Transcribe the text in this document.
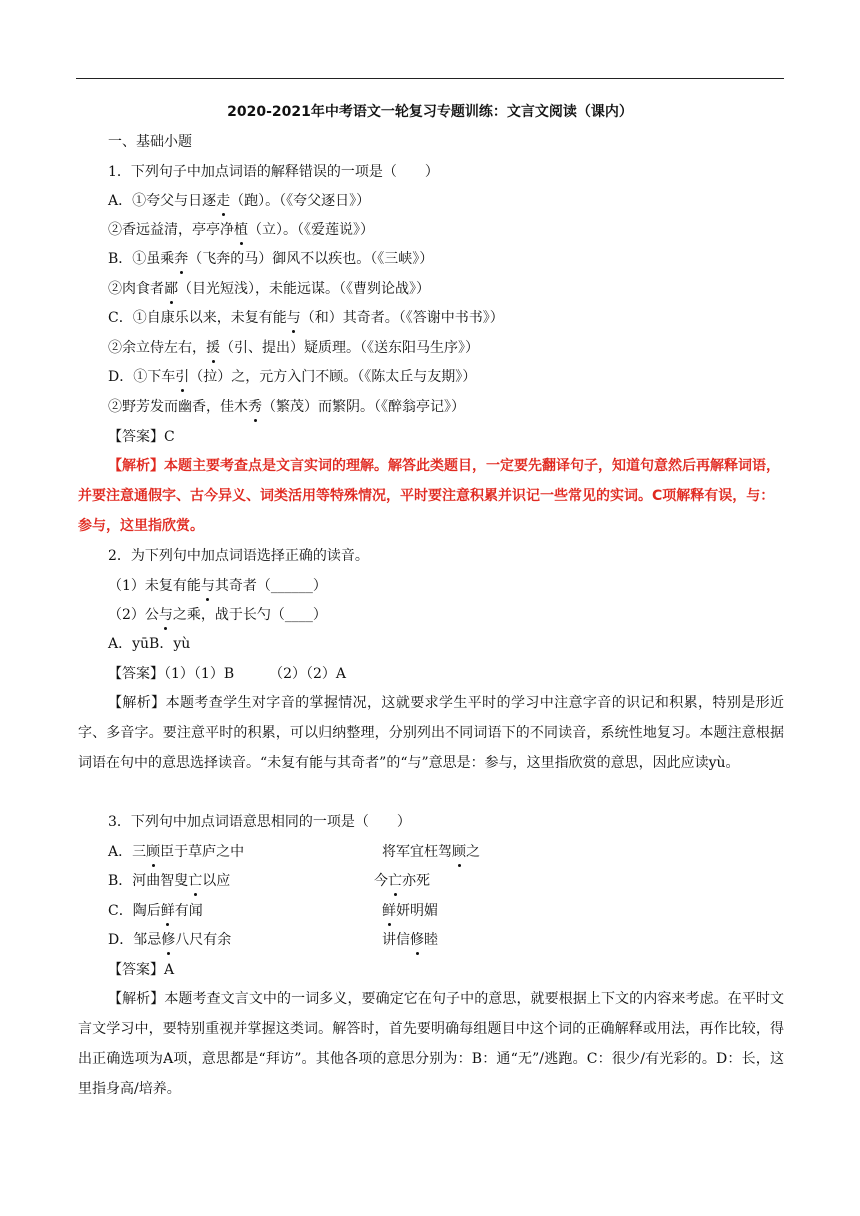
2020-2021年中考语文一轮复习专题训练：文言文阅读（课内）
一、基础小题
1．下列句子中加点词语的解释错误的一项是（　　）
A．①夸父与日逐走（跑）。（《夸父逐日》）
②香远益清，亭亭净植（立）。（《爱莲说》）
B．①虽乘奔（飞奔的马）御风不以疾也。（《三峡》）
②肉食者鄙（目光短浅），未能远谋。（《曹刿论战》）
C．①自康乐以来，未复有能与（和）其奇者。（《答谢中书书》）
②余立侍左右，援（引、提出）疑质理。（《送东阳马生序》）
D．①下车引（拉）之，元方入门不顾。（《陈太丘与友期》）
②野芳发而幽香，佳木秀（繁茂）而繁阴。（《醉翁亭记》）
【答案】C
【解析】本题主要考查点是文言实词的理解。解答此类题目，一定要先翻译句子，知道句意然后再解释词语，并要注意通假字、古今异义、词类活用等特殊情况，平时要注意积累并识记一些常见的实词。C项解释有误，与：参与，这里指欣赏。
2．为下列句中加点词语选择正确的读音。
（1）未复有能与其奇者（______）
（2）公与之乘，战于长勺（____）
A．yūB．yù
【答案】（1）（1）B　　　（2）（2）A
【解析】本题考查学生对字音的掌握情况，这就要求学生平时的学习中注意字音的识记和积累，特别是形近字、多音字。要注意平时的积累，可以归纳整理，分别列出不同词语下的不同读音，系统性地复习。本题注意根据词语在句中的意思选择读音。“未复有能与其奇者”的“与”意思是：参与，这里指欣赏的意思，因此应读yù。
3．下列句中加点词语意思相同的一项是（　　）
A．三顾臣于草庐之中	将军宜枉驾顾之
B．河曲智叟亡以应	今亡亦死
C．陶后鲜有闻	鲜妍明媚
D．邹忌修八尺有余	讲信修睦
【答案】A
【解析】本题考查文言文中的一词多义，要确定它在句子中的意思，就要根据上下文的内容来考虑。在平时文言文学习中，要特别重视并掌握这类词。解答时，首先要明确每组题目中这个词的正确解释或用法，再作比较，得出正确选项为A项，意思都是“拜访”。其他各项的意思分别为：B：通“无”/逃跑。C：很少/有光彩的。D：长，这里指身高/培养。
